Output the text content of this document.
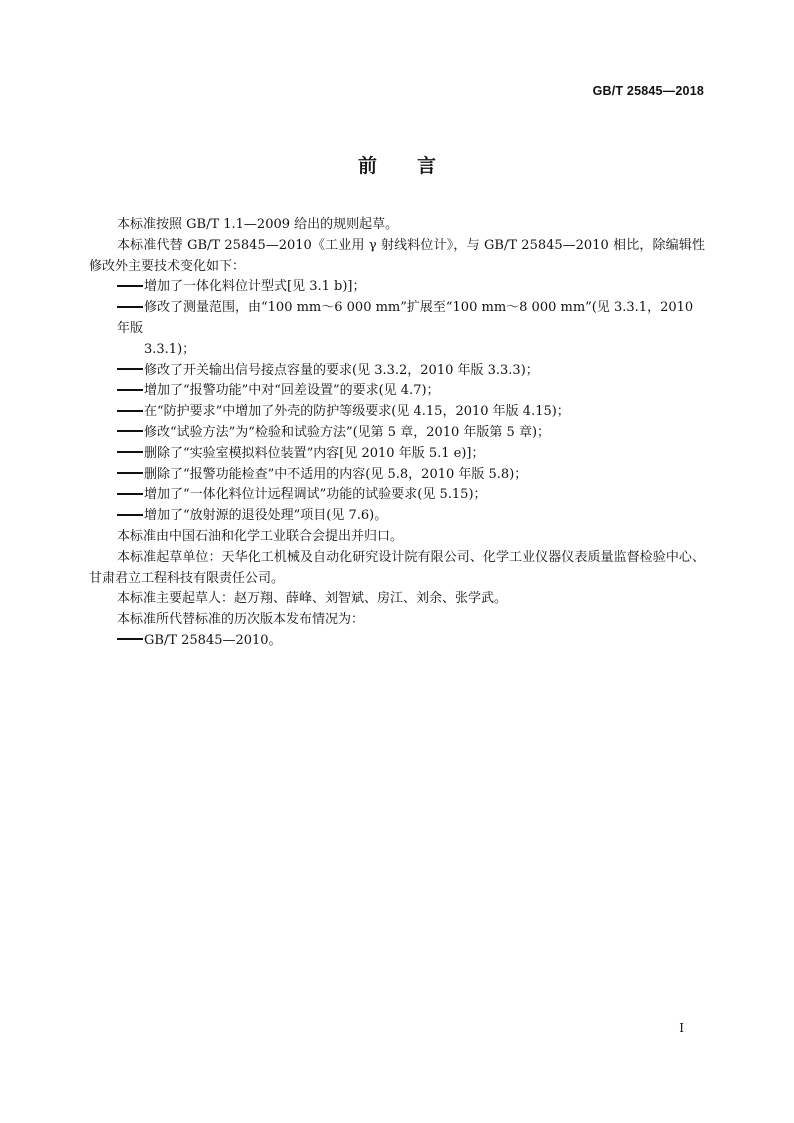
GB/T 25845—2018
前言

本标准按照 GB/T 1.1—2009 给出的规则起草。

本标准代替 GB/T 25845—2010《工业用 γ 射线料位计》，与 GB/T 25845—2010 相比，除编辑性修改外主要技术变化如下：

增加了一体化料位计型式[见 3.1 b)]；
修改了测量范围，由“100 mm～6 000 mm”扩展至“100 mm～8 000 mm”(见 3.3.1，2010 年版
3.3.1)；
修改了开关输出信号接点容量的要求(见 3.3.2，2010 年版 3.3.3)；
增加了“报警功能”中对“回差设置”的要求(见 4.7)；
在“防护要求”中增加了外壳的防护等级要求(见 4.15，2010 年版 4.15)；
修改“试验方法”为“检验和试验方法”(见第 5 章，2010 年版第 5 章)；
删除了“实验室模拟料位装置”内容[见 2010 年版 5.1 e)]；
删除了“报警功能检查”中不适用的内容(见 5.8，2010 年版 5.8)；
增加了“一体化料位计远程调试”功能的试验要求(见 5.15)；
增加了“放射源的退役处理”项目(见 7.6)。

本标准由中国石油和化学工业联合会提出并归口。

本标准起草单位：天华化工机械及自动化研究设计院有限公司、化学工业仪器仪表质量监督检验中心、甘肃君立工程科技有限责任公司。

本标准主要起草人：赵万翔、薛峰、刘智斌、房江、刘余、张学武。

本标准所代替标准的历次版本发布情况为：

GB/T 25845—2010。
I
